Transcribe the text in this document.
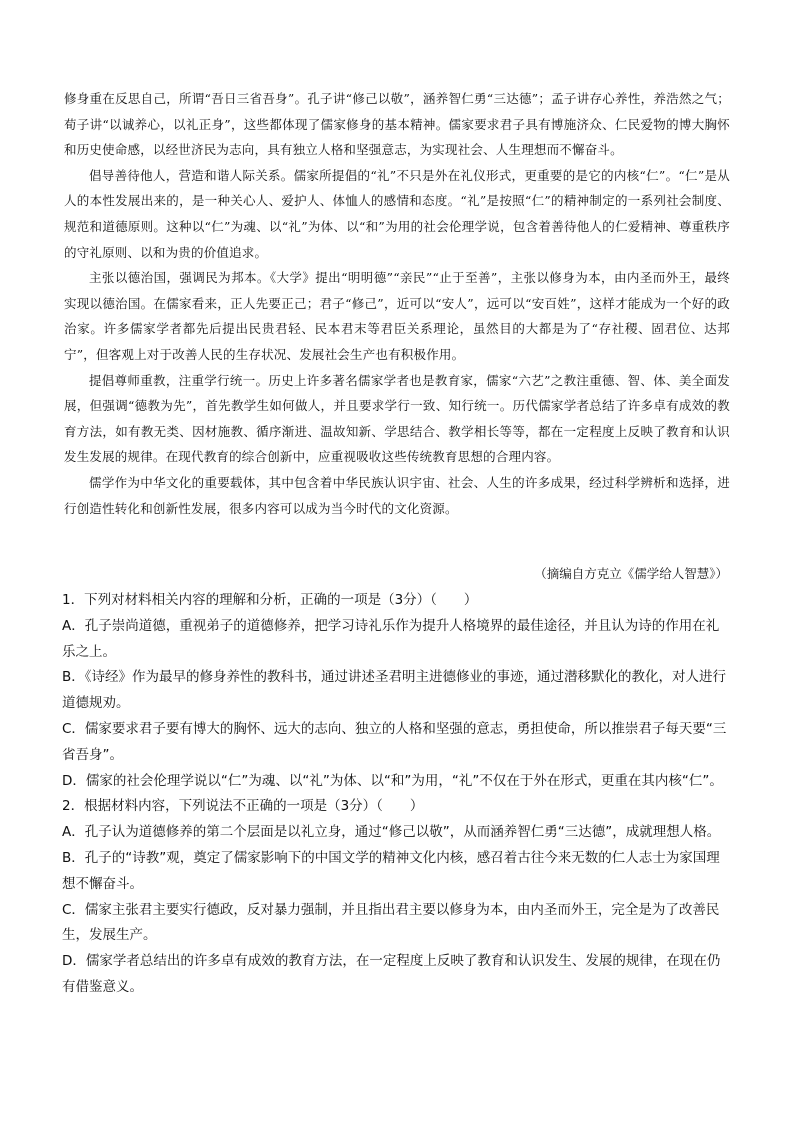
修身重在反思自己，所谓“吾日三省吾身”。孔子讲“修己以敬”，涵养智仁勇“三达德”；孟子讲存心养性，养浩然之气；荀子讲“以诚养心，以礼正身”，这些都体现了儒家修身的基本精神。儒家要求君子具有博施济众、仁民爱物的博大胸怀和历史使命感，以经世济民为志向，具有独立人格和坚强意志，为实现社会、人生理想而不懈奋斗。

倡导善待他人，营造和谐人际关系。儒家所提倡的“礼”不只是外在礼仪形式，更重要的是它的内核“仁”。“仁”是从人的本性发展出来的，是一种关心人、爱护人、体恤人的感情和态度。“礼”是按照“仁”的精神制定的一系列社会制度、规范和道德原则。这种以“仁”为魂、以“礼”为体、以“和”为用的社会伦理学说，包含着善待他人的仁爱精神、尊重秩序的守礼原则、以和为贵的价值追求。

主张以德治国，强调民为邦本。《大学》提出“明明德”“亲民”“止于至善”，主张以修身为本，由内圣而外王，最终实现以德治国。在儒家看来，正人先要正己；君子“修己”，近可以“安人”，远可以“安百姓”，这样才能成为一个好的政治家。许多儒家学者都先后提出民贵君轻、民本君末等君臣关系理论，虽然目的大都是为了“存社稷、固君位、达邦宁”，但客观上对于改善人民的生存状况、发展社会生产也有积极作用。

提倡尊师重教，注重学行统一。历史上许多著名儒家学者也是教育家，儒家“六艺”之教注重德、智、体、美全面发展，但强调“德教为先”，首先教学生如何做人，并且要求学行一致、知行统一。历代儒家学者总结了许多卓有成效的教育方法，如有教无类、因材施教、循序渐进、温故知新、学思结合、教学相长等等，都在一定程度上反映了教育和认识发生发展的规律。在现代教育的综合创新中，应重视吸收这些传统教育思想的合理内容。

儒学作为中华文化的重要载体，其中包含着中华民族认识宇宙、社会、人生的许多成果，经过科学辨析和选择，进行创造性转化和创新性发展，很多内容可以成为当今时代的文化资源。

（摘编自方克立《儒学给人智慧》）

1．下列对材料相关内容的理解和分析，正确的一项是（3分）（　　）

A．孔子崇尚道德，重视弟子的道德修养，把学习诗礼乐作为提升人格境界的最佳途径，并且认为诗的作用在礼乐之上。

B．《诗经》作为最早的修身养性的教科书，通过讲述圣君明主进德修业的事迹，通过潜移默化的教化，对人进行道德规劝。

C．儒家要求君子要有博大的胸怀、远大的志向、独立的人格和坚强的意志，勇担使命，所以推崇君子每天要“三省吾身”。

D．儒家的社会伦理学说以“仁”为魂、以“礼”为体、以“和”为用，“礼”不仅在于外在形式，更重在其内核“仁”。

2．根据材料内容，下列说法不正确的一项是（3分）（　　）

A．孔子认为道德修养的第二个层面是以礼立身，通过“修己以敬”，从而涵养智仁勇“三达德”，成就理想人格。

B．孔子的“诗教”观，奠定了儒家影响下的中国文学的精神文化内核，感召着古往今来无数的仁人志士为家国理想不懈奋斗。

C．儒家主张君主要实行德政，反对暴力强制，并且指出君主要以修身为本，由内圣而外王，完全是为了改善民生，发展生产。

D．儒家学者总结出的许多卓有成效的教育方法，在一定程度上反映了教育和认识发生、发展的规律，在现在仍有借鉴意义。
